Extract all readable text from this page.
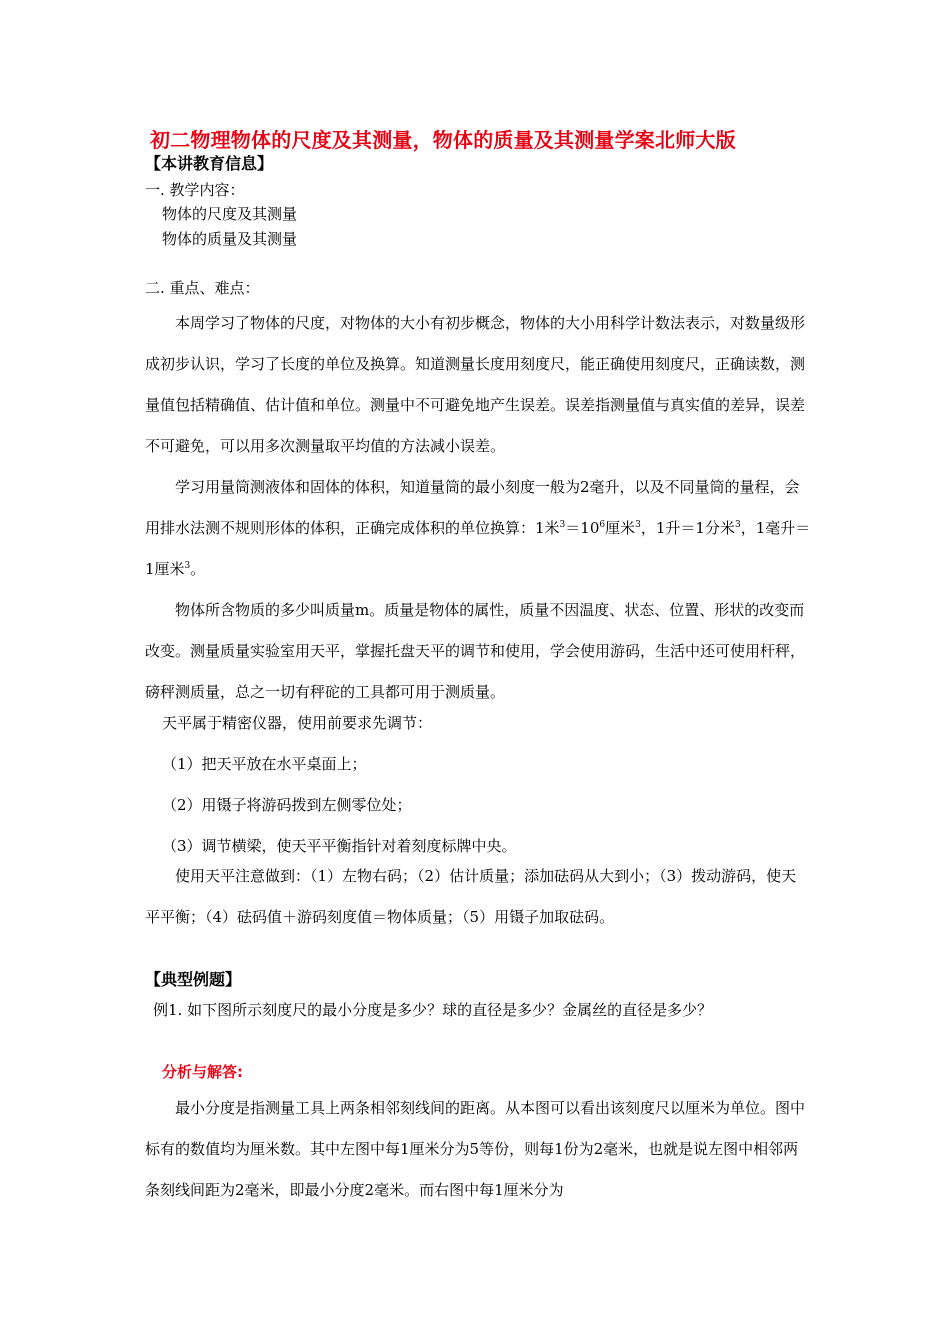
初二物理物体的尺度及其测量，物体的质量及其测量学案北师大版
【本讲教育信息】
一. 教学内容：
物体的尺度及其测量
物体的质量及其测量
二. 重点、难点：
本周学习了物体的尺度，对物体的大小有初步概念，物体的大小用科学计数法表示，对数量级形成初步认识，学习了长度的单位及换算。知道测量长度用刻度尺，能正确使用刻度尺，正确读数，测量值包括精确值、估计值和单位。测量中不可避免地产生误差。误差指测量值与真实值的差异，误差不可避免，可以用多次测量取平均值的方法减小误差。
学习用量筒测液体和固体的体积，知道量筒的最小刻度一般为2毫升，以及不同量筒的量程，会用排水法测不规则形体的体积，正确完成体积的单位换算：1米$^3=10^6$厘米$^3$，1升＝1分米$^3$，1毫升＝1厘米$^3$。
物体所含物质的多少叫质量m。质量是物体的属性，质量不因温度、状态、位置、形状的改变而改变。测量质量实验室用天平，掌握托盘天平的调节和使用，学会使用游码，生活中还可使用杆秤，磅秤测质量，总之一切有秤砣的工具都可用于测质量。
天平属于精密仪器，使用前要求先调节：
（1）把天平放在水平桌面上；
（2）用镊子将游码拨到左侧零位处；
（3）调节横梁，使天平平衡指针对着刻度标牌中央。
使用天平注意做到：（1）左物右码；（2）估计质量；添加砝码从大到小；（3）拨动游码，使天平平衡；（4）砝码值＋游码刻度值＝物体质量；（5）用镊子加取砝码。
【典型例题】
例1. 如下图所示刻度尺的最小分度是多少？球的直径是多少？金属丝的直径是多少？
分析与解答:
最小分度是指测量工具上两条相邻刻线间的距离。从本图可以看出该刻度尺以厘米为单位。图中标有的数值均为厘米数。其中左图中每1厘米分为5等份，则每1份为2毫米，也就是说左图中相邻两条刻线间距为2毫米，即最小分度2毫米。而右图中每1厘米分为
